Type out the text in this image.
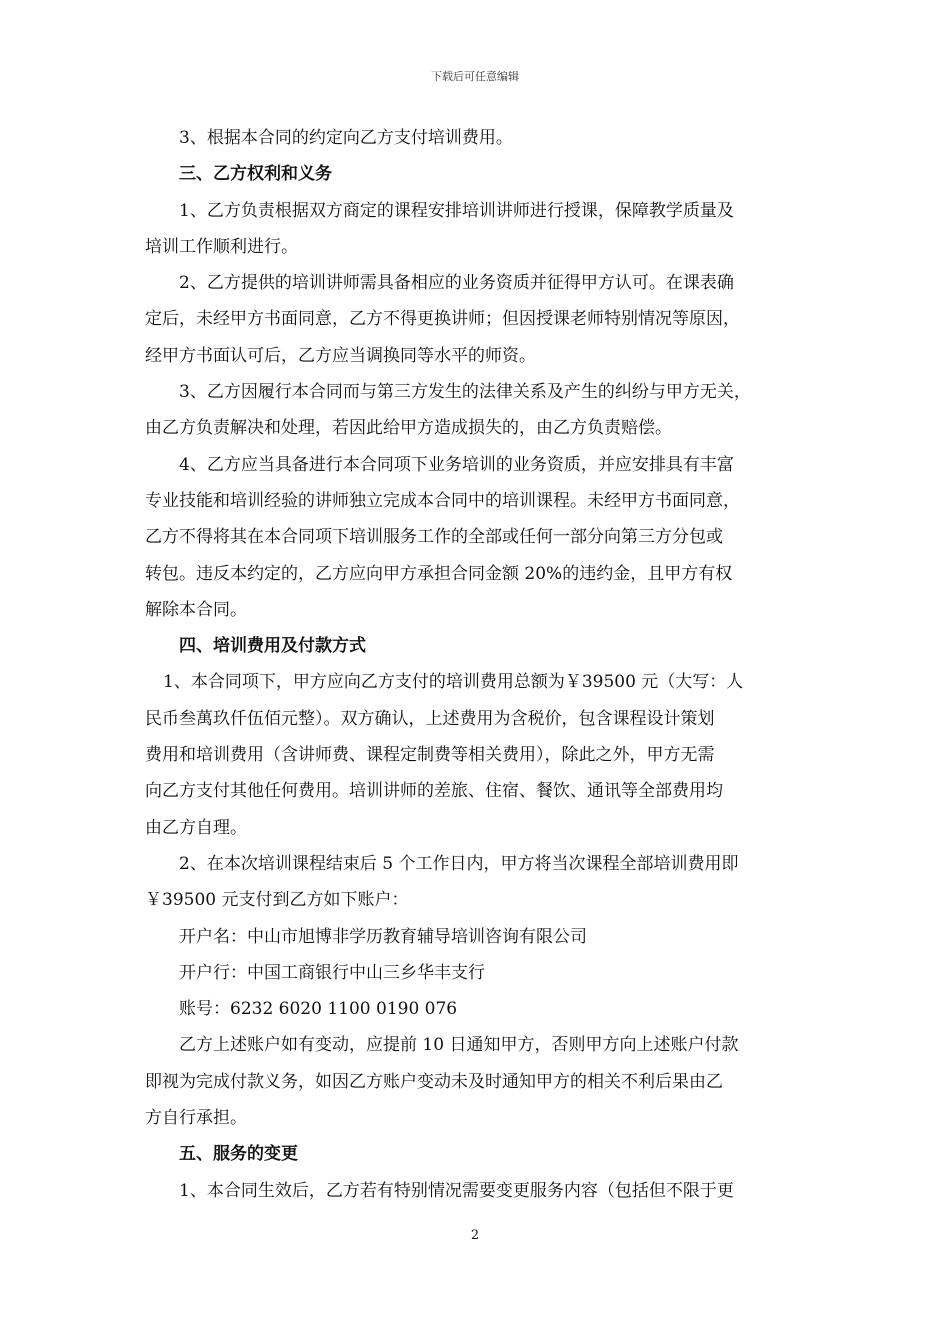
下载后可任意编辑
3、根据本合同的约定向乙方支付培训费用。
三、乙方权利和义务
1、乙方负责根据双方商定的课程安排培训讲师进行授课，保障教学质量及
培训工作顺利进行。
2、乙方提供的培训讲师需具备相应的业务资质并征得甲方认可。在课表确
定后，未经甲方书面同意，乙方不得更换讲师；但因授课老师特别情况等原因，
经甲方书面认可后，乙方应当调换同等水平的师资。
3、乙方因履行本合同而与第三方发生的法律关系及产生的纠纷与甲方无关，
由乙方负责解决和处理，若因此给甲方造成损失的，由乙方负责赔偿。
4、乙方应当具备进行本合同项下业务培训的业务资质，并应安排具有丰富
专业技能和培训经验的讲师独立完成本合同中的培训课程。未经甲方书面同意，
乙方不得将其在本合同项下培训服务工作的全部或任何一部分向第三方分包或
转包。违反本约定的，乙方应向甲方承担合同金额 20%的违约金，且甲方有权
解除本合同。
四、培训费用及付款方式
1、本合同项下，甲方应向乙方支付的培训费用总额为￥39500 元（大写：人
民币叁萬玖仟伍佰元整）。双方确认，上述费用为含税价，包含课程设计策划
费用和培训费用（含讲师费、课程定制费等相关费用），除此之外，甲方无需
向乙方支付其他任何费用。培训讲师的差旅、住宿、餐饮、通讯等全部费用均
由乙方自理。
2、在本次培训课程结束后 5 个工作日内，甲方将当次课程全部培训费用即
￥39500 元支付到乙方如下账户：
开户名：中山市旭博非学历教育辅导培训咨询有限公司
开户行：中国工商银行中山三乡华丰支行
账号：6232 6020 1100 0190 076
乙方上述账户如有变动，应提前 10 日通知甲方，否则甲方向上述账户付款
即视为完成付款义务，如因乙方账户变动未及时通知甲方的相关不利后果由乙
方自行承担。
五、服务的变更
1、本合同生效后，乙方若有特别情况需要变更服务内容（包括但不限于更
2
